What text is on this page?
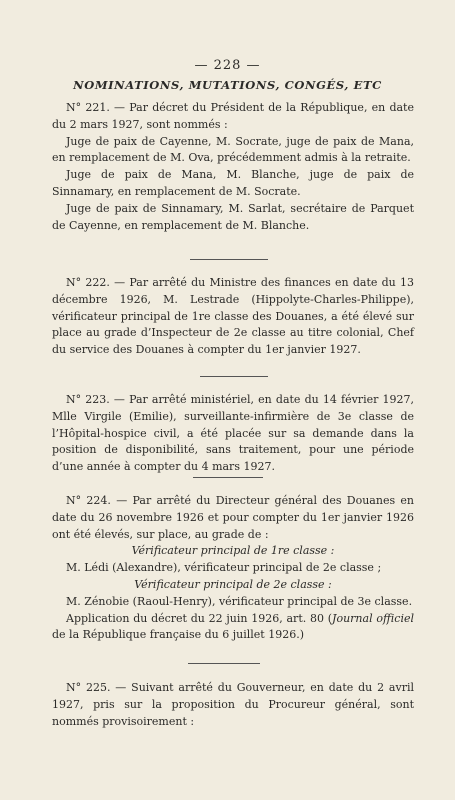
— 228 —
NOMINATIONS, MUTATIONS, CONGÉS, ETC

N° 221. — Par décret du Président de la République, en date du 2 mars 1927, sont nommés :

Juge de paix de Cayenne, M. Socrate, juge de paix de Mana, en remplacement de M. Ova, précédemment admis à la retraite.

Juge de paix de Mana, M. Blanche, juge de paix de Sinnamary, en remplacement de M. Socrate.

Juge de paix de Sinnamary, M. Sarlat, secrétaire de Parquet de Cayenne, en remplacement de M. Blanche.

N° 222. — Par arrêté du Ministre des finances en date du 13 décembre 1926, M. Lestrade (Hippolyte-Charles-Philippe), vérificateur principal de 1re classe des Douanes, a été élevé sur place au grade d’Inspecteur de 2e classe au titre colonial, Chef du service des Douanes à compter du 1er janvier 1927.

N° 223. — Par arrêté ministériel, en date du 14 février 1927, Mlle Virgile (Emilie), surveillante-infirmière de 3e classe de l’Hôpital-hospice civil, a été placée sur sa demande dans la position de disponibilité, sans traitement, pour une période d’une année à compter du 4 mars 1927.

N° 224. — Par arrêté du Directeur général des Douanes en date du 26 novembre 1926 et pour compter du 1er janvier 1926 ont été élevés, sur place, au grade de :

Vérificateur principal de 1re classe :

M. Lédi (Alexandre), vérificateur principal de 2e classe ;

Vérificateur principal de 2e classe :

M. Zénobie (Raoul-Henry), vérificateur principal de 3e classe.

Application du décret du 22 juin 1926, art. 80 (Journal officiel de la République française du 6 juillet 1926.)

N° 225. — Suivant arrêté du Gouverneur, en date du 2 avril 1927, pris sur la proposition du Procureur général, sont nommés provisoirement :
